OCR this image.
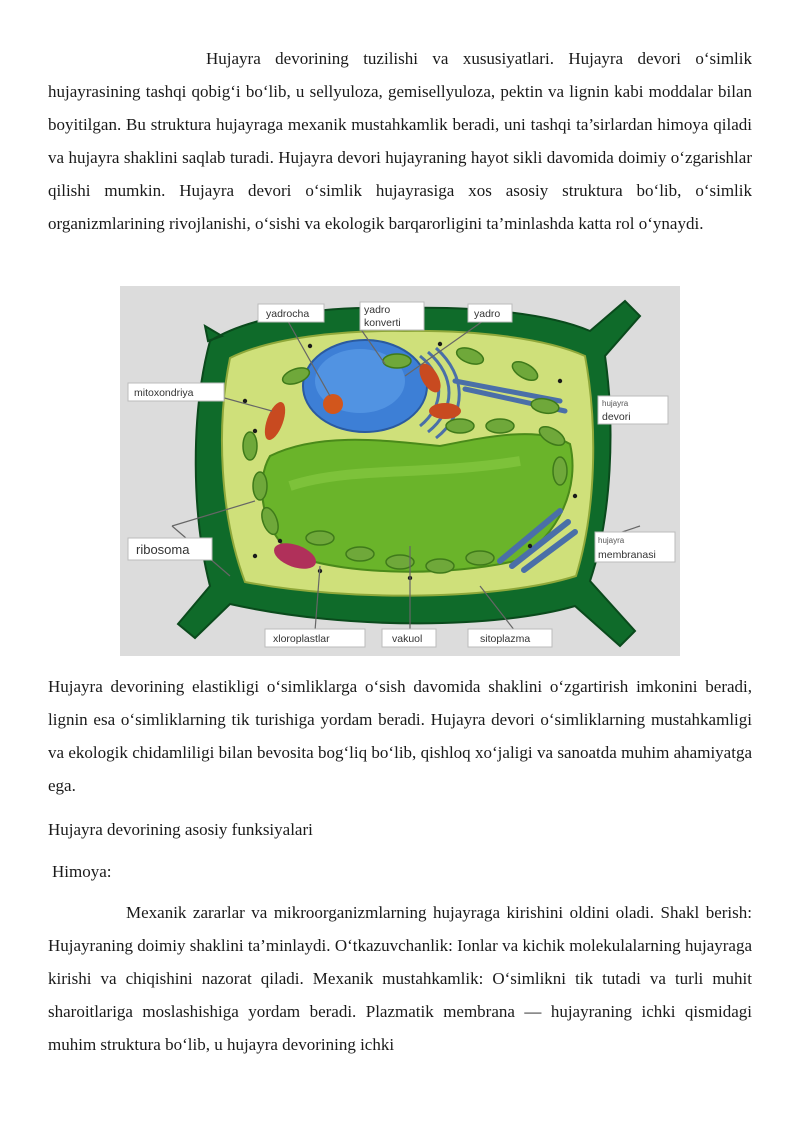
Hujayra devorining tuzilishi va xususiyatlari. Hujayra devori o‘simlik hujayrasining tashqi qobig‘i bo‘lib, u sellyuloza, gemisellyuloza, pektin va lignin kabi moddalar bilan boyitilgan. Bu struktura hujayraga mexanik mustahkamlik beradi, uni tashqi ta’sirlardan himoya qiladi va hujayra shaklini saqlab turadi. Hujayra devori hujayraning hayot sikli davomida doimiy o‘zgarishlar qilishi mumkin. Hujayra devori o‘simlik hujayrasiga xos asosiy struktura bo‘lib, o‘simlik organizmlarining rivojlanishi, o‘sishi va ekologik barqarorligini ta’minlashda katta rol o‘ynaydi.

yadrocha	yadro
konverti
yadro
mitoxondriya
hujayra
devori
ribosoma
hujayra
membranasi
xloroplastlar	vakuol	sitoplazma

Hujayra devorining elastikligi o‘simliklarga o‘sish davomida shaklini o‘zgartirish imkonini beradi, lignin esa o‘simliklarning tik turishiga yordam beradi. Hujayra devori o‘simliklarning mustahkamligi va ekologik chidamliligi bilan bevosita bog‘liq bo‘lib, qishloq xo‘jaligi va sanoatda muhim ahamiyatga ega.

Hujayra devorining asosiy funksiyalari

Himoya:

Mexanik zararlar va mikroorganizmlarning hujayraga kirishini oldini oladi. Shakl berish: Hujayraning doimiy shaklini ta’minlaydi. O‘tkazuvchanlik: Ionlar va kichik molekulalarning hujayraga kirishi va chiqishini nazorat qiladi. Mexanik mustahkamlik: O‘simlikni tik tutadi va turli muhit sharoitlariga moslashishiga yordam beradi. Plazmatik membrana — hujayraning ichki qismidagi muhim struktura bo‘lib, u hujayra devorining ichki
